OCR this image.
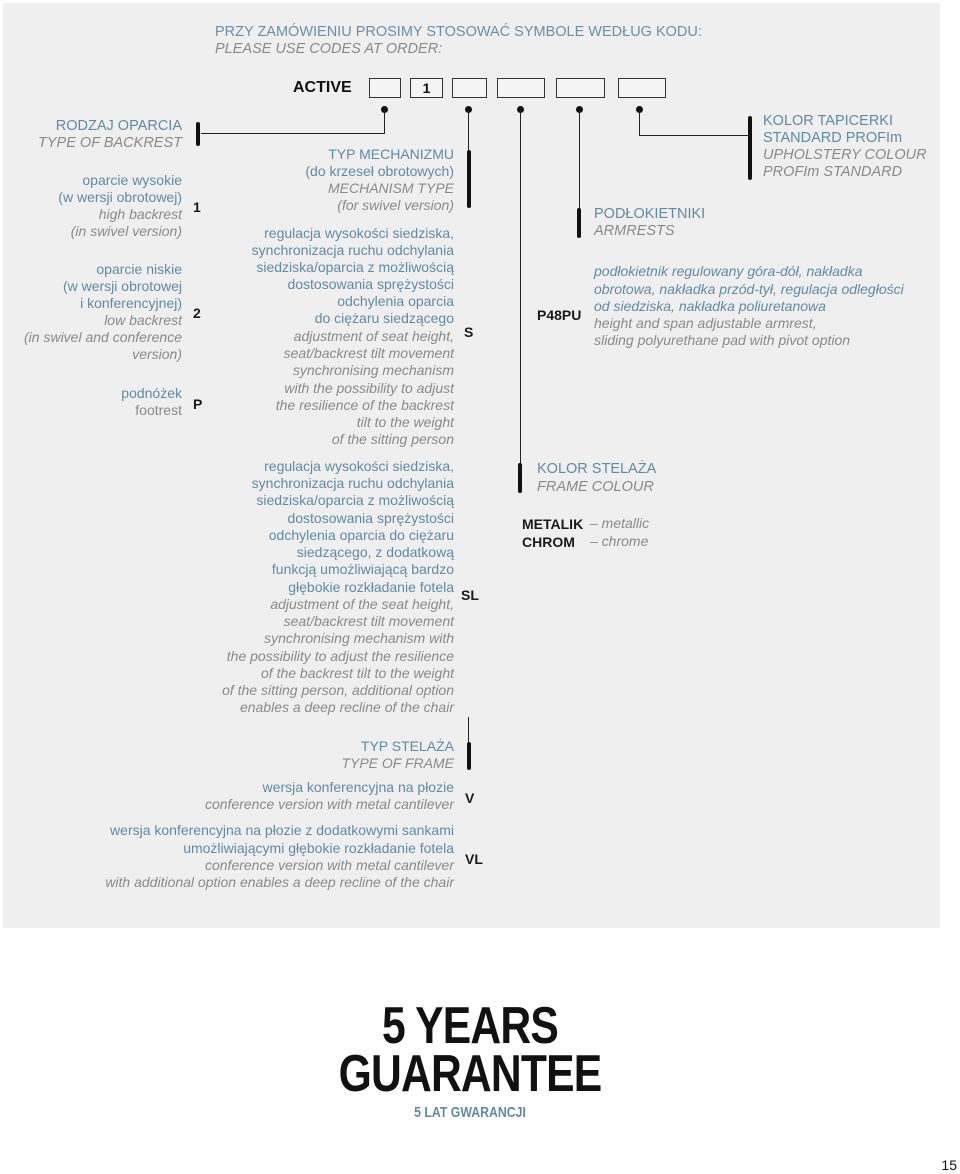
PRZY ZAMÓWIENIU PROSIMY STOSOWAĆ SYMBOLE WEDŁUG KODU:
PLEASE USE CODES AT ORDER:
ACTIVE	1
RODZAJ OPARCIA
TYPE OF BACKREST
oparcie wysokie
(w wersji obrotowej)
high backrest
(in swivel version)
1
oparcie niskie
(w wersji obrotowej
i konferencyjnej)
low backrest
(in swivel and conference
version)
2
podnóżek
footrest P
TYP MECHANIZMU
(do krzeseł obrotowych)
MECHANISM TYPE
(for swivel version)
regulacja wysokości siedziska,
synchronizacja ruchu odchylania
siedziska/oparcia z możliwością
dostosowania sprężystości
odchylenia oparcia
do ciężaru siedzącego
adjustment of seat height,
seat/backrest tilt movement
synchronising mechanism
with the possibility to adjust
the resilience of the backrest
tilt to the weight
of the sitting person
S
regulacja wysokości siedziska,
synchronizacja ruchu odchylania
siedziska/oparcia z możliwością
dostosowania sprężystości
odchylenia oparcia do ciężaru
siedzącego, z dodatkową
funkcją umożliwiającą bardzo
głębokie rozkładanie fotela
adjustment of the seat height,
seat/backrest tilt movement
synchronising mechanism with
the possibility to adjust the resilience
of the backrest tilt to the weight
of the sitting person, additional option
enables a deep recline of the chair
SL
TYP STELAŻA
TYPE OF FRAME
wersja konferencyjna na płozie
conference version with metal cantilever V
wersja konferencyjna na płozie z dodatkowymi sankami
umożliwiającymi głębokie rozkładanie fotela
conference version with metal cantilever
with additional option enables a deep recline of the chair
VL
KOLOR STELAŻA
FRAME COLOUR
METALIK – metallic
CHROM – chrome
PODŁOKIETNIKI
ARMRESTS
P48PU
podłokietnik regulowany góra-dół, nakładka
obrotowa, nakładka przód-tył, regulacja odległości
od siedziska, nakładka poliuretanowa
height and span adjustable armrest,
sliding polyurethane pad with pivot option
KOLOR TAPICERKI
STANDARD PROFIm
UPHOLSTERY COLOUR
PROFIm STANDARD
5 YEARS
GUARANTEE
5 LAT GWARANCJI
15
